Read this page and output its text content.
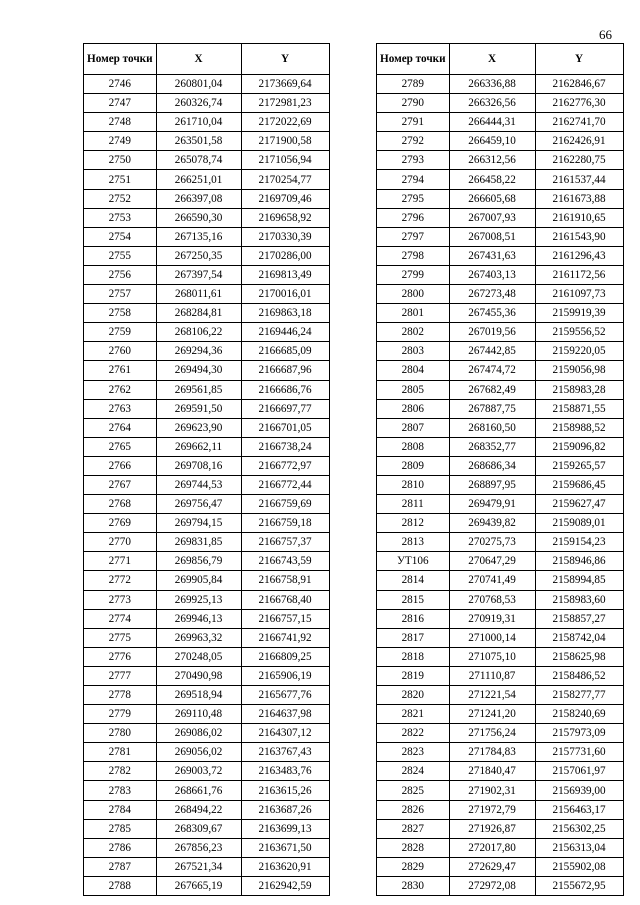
66
Номер точки	X	Y
2746	260801,04	2173669,64
2747	260326,74	2172981,23
2748	261710,04	2172022,69
2749	263501,58	2171900,58
2750	265078,74	2171056,94
2751	266251,01	2170254,77
2752	266397,08	2169709,46
2753	266590,30	2169658,92
2754	267135,16	2170330,39
2755	267250,35	2170286,00
2756	267397,54	2169813,49
2757	268011,61	2170016,01
2758	268284,81	2169863,18
2759	268106,22	2169446,24
2760	269294,36	2166685,09
2761	269494,30	2166687,96
2762	269561,85	2166686,76
2763	269591,50	2166697,77
2764	269623,90	2166701,05
2765	269662,11	2166738,24
2766	269708,16	2166772,97
2767	269744,53	2166772,44
2768	269756,47	2166759,69
2769	269794,15	2166759,18
2770	269831,85	2166757,37
2771	269856,79	2166743,59
2772	269905,84	2166758,91
2773	269925,13	2166768,40
2774	269946,13	2166757,15
2775	269963,32	2166741,92
2776	270248,05	2166809,25
2777	270490,98	2165906,19
2778	269518,94	2165677,76
2779	269110,48	2164637,98
2780	269086,02	2164307,12
2781	269056,02	2163767,43
2782	269003,72	2163483,76
2783	268661,76	2163615,26
2784	268494,22	2163687,26
2785	268309,67	2163699,13
2786	267856,23	2163671,50
2787	267521,34	2163620,91
2788	267665,19	2162942,59
Номер точки	X	Y
2789	266336,88	2162846,67
2790	266326,56	2162776,30
2791	266444,31	2162741,70
2792	266459,10	2162426,91
2793	266312,56	2162280,75
2794	266458,22	2161537,44
2795	266605,68	2161673,88
2796	267007,93	2161910,65
2797	267008,51	2161543,90
2798	267431,63	2161296,43
2799	267403,13	2161172,56
2800	267273,48	2161097,73
2801	267455,36	2159919,39
2802	267019,56	2159556,52
2803	267442,85	2159220,05
2804	267474,72	2159056,98
2805	267682,49	2158983,28
2806	267887,75	2158871,55
2807	268160,50	2158988,52
2808	268352,77	2159096,82
2809	268686,34	2159265,57
2810	268897,95	2159686,45
2811	269479,91	2159627,47
2812	269439,82	2159089,01
2813	270275,73	2159154,23
УТ106	270647,29	2158946,86
2814	270741,49	2158994,85
2815	270768,53	2158983,60
2816	270919,31	2158857,27
2817	271000,14	2158742,04
2818	271075,10	2158625,98
2819	271110,87	2158486,52
2820	271221,54	2158277,77
2821	271241,20	2158240,69
2822	271756,24	2157973,09
2823	271784,83	2157731,60
2824	271840,47	2157061,97
2825	271902,31	2156939,00
2826	271972,79	2156463,17
2827	271926,87	2156302,25
2828	272017,80	2156313,04
2829	272629,47	2155902,08
2830	272972,08	2155672,95
